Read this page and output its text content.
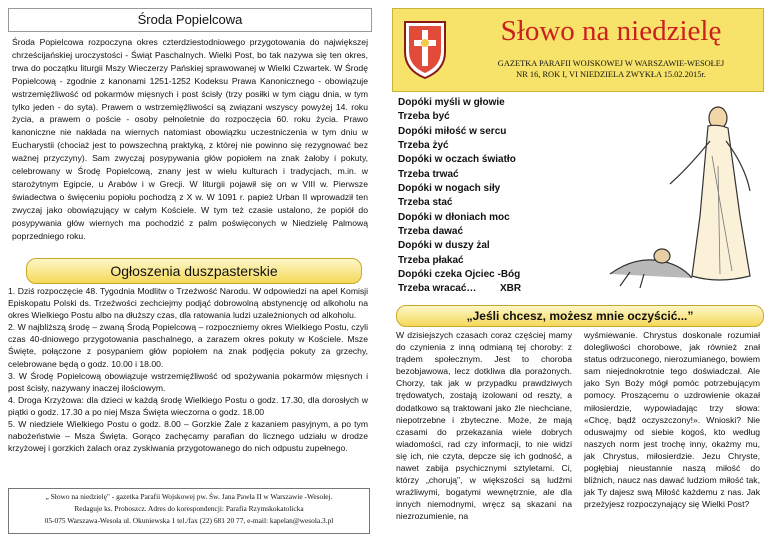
Środa Popielcowa
Środa Popielcowa rozpoczyna okres czterdziestodniowego przygotowania do największej chrześcijańskiej uroczystości - Świąt Paschalnych. Wielki Post, bo tak nazywa się ten okres, trwa do początku liturgii Mszy Wieczerzy Pańskiej sprawowanej w Wielki Czwartek. W Środę Popielcową - zgodnie z kanonami 1251-1252 Kodeksu Prawa Kanonicznego - obowiązuje wstrzemięźliwość od pokarmów mięsnych i post ścisły (trzy posiłki w tym ciągu dnia, w tym tylko jeden - do syta). Prawem o wstrzemięźliwości są związani wszyscy powyżej 14. roku życia, a prawem o poście - osoby pełnoletnie do rozpoczęcia 60. roku życia. Prawo kanoniczne nie nakłada na wiernych natomiast obowiązku uczestniczenia w tym dniu w Eucharystii (chociaż jest to powszechną praktyką, z której nie powinno się rezygnować bez ważnej przyczyny). Sam zwyczaj posypywania głów popiołem na znak żałoby i pokuty, celebrowany w Środę Popielcową, znany jest w wielu kulturach i tradycjach, m.in. w starożytnym Egipcie, u Arabów i w Grecji. W liturgii pojawił się on w VIII w. Pierwsze świadectwa o święceniu popiołu pochodzą z X w. W 1091 r. papież Urban II wprowadził ten zwyczaj jako obowiązujący w całym Kościele. W tym też czasie ustalono, że popiół do posypywania głów wiernych ma pochodzić z palm poświęconych w Niedzielę Palmową poprzedniego roku.
Ogłoszenia duszpasterskie

1. Dziś rozpoczęcie 48. Tygodnia Modlitw o Trzeźwość Narodu. W odpowiedzi na apel Komisji Episkopatu Polski ds. Trzeźwości zechciejmy podjąć dobrowolną abstynencję od alkoholu na okres Wielkiego Postu albo na dłuższy czas, dla ratowania ludzi uzależnionych od alkoholu.

2. W najbliższą środę – zwaną Środą Popielcową – rozpoczniemy okres Wielkiego Postu, czyli czas 40-dniowego przygotowania paschalnego, a zarazem okres pokuty w Kościele. Msze Święte, połączone z posypaniem głów popiołem na znak podjęcia pokuty za grzechy, celebrowane będą o godz. 10.00 i 18.00.

3. W Środę Popielcową obowiązuje wstrzemięźliwość od spożywania pokarmów mięsnych i post ścisły, nazywany inaczej ilościowym.

4. Droga Krzyżowa: dla dzieci w każdą środę Wielkiego Postu o godz. 17.30, dla dorosłych w piątki o godz. 17.30 a po niej Msza Święta wieczorna o godz. 18.00

5. W niedziele Wielkiego Postu o godz. 8.00 – Gorzkie Żale z kazaniem pasyjnym, a po tym nabożeństwie – Msza Święta. Gorąco zachęcamy parafian do licznego udziału w drodze krzyżowej i gorzkich żalach oraz zyskiwania przygotowanego do nich odpustu zupełnego.

„ Słowo na niedzielę" - gazetka Parafii Wojskowej pw. Św. Jana Pawła II w Warszawie -Wesołej.
Redaguje ks. Proboszcz. Adres do korespondencji: Parafia Rzymskokatolicka
05-075 Warszawa-Wesoła ul. Okuniewska 1 tel./fax (22) 681 20 77, e-mail: kapelan@wesola.3.pl
Słowo na niedzielę
GAZETKA PARAFII WOJSKOWEJ W WARSZAWIE-WESOŁEJ
NR 16, ROK I, VI NIEDZIELA ZWYKŁA 15.02.2015r.
Dopóki myśli w głowie
Trzeba być
Dopóki miłość w sercu
Trzeba żyć
Dopóki w oczach światło
Trzeba trwać
Dopóki w nogach siły
Trzeba stać
Dopóki w dłoniach moc
Trzeba dawać
Dopóki w duszy żal
Trzeba płakać
Dopóki czeka Ojciec -Bóg
Trzeba wracać…	XBR
„Jeśli chcesz, możesz mnie oczyścić...”
W dzisiejszych czasach coraz częściej mamy do czynienia z inną odmianą tej choroby: z trądem społecznym. Jest to choroba bezobjawowa, lecz dotkliwa dla porażonych. Chorzy, tak jak w przypadku prawdziwych trędowatych, zostają izolowani od reszty, a dodatkowo są traktowani jako źle niechciane, niepotrzebne i zbyteczne. Może, że mają czasami do przekazania wiele dobrych wiadomości, rad czy informacji, to nie widzi się ich, nie czyta, depcze się ich godność, a nawet zabija psychicznymi sztyletami. Ci, którzy „chorują", w większości są ludźmi wrażliwymi, bogatymi wewnętrznie, ale dla innych niemodnymi, wręcz są skazani na niezrozumienie, na
wyśmiewanie. Chrystus doskonale rozumiał dolegliwości chorobowe, jak również znał status odrzuconego, nierozumianego, bowiem sam niejednokrotnie tego doświadczał. Ale jako Syn Boży mógł pomóc potrzebującym pomocy. Proszącemu o uzdrowienie okazał miłosierdzie, wypowiadając trzy słowa: «Chcę, bądź oczyszczony!». Wnioski? Nie oduswajmy od siebie kogoś, kto według naszych norm jest trochę inny, okażmy mu, jak Chrystus, miłosierdzie. Jezu Chryste, pogłębiaj nieustannie naszą miłość do bliźnich, naucz nas dawać ludziom miłość tak, jak Ty dajesz swą Miłość każdemu z nas. Jak przeżyjesz rozpoczynający się Wielki Post?
